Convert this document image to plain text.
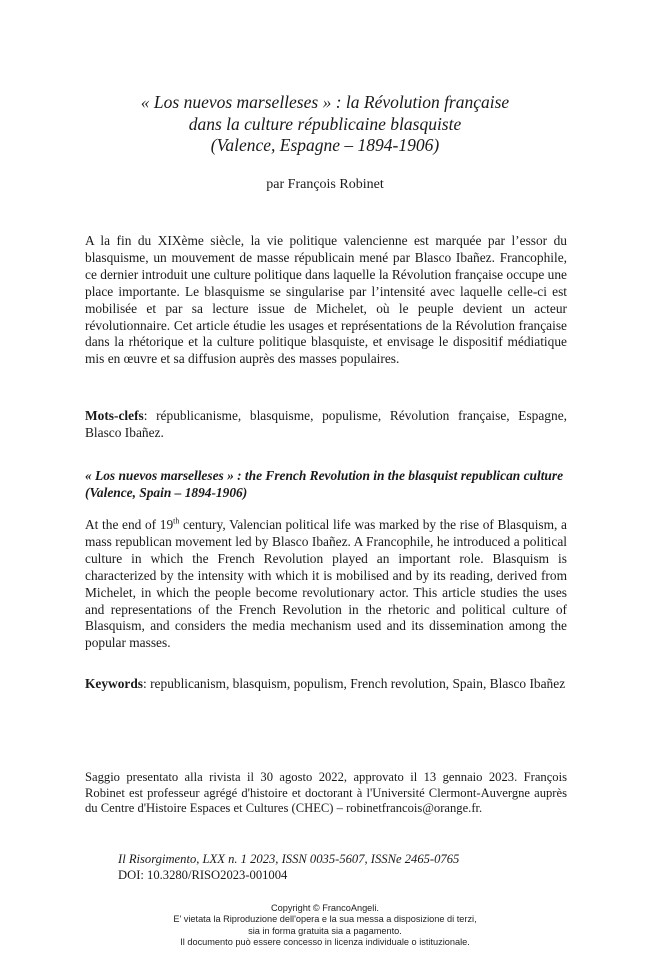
« Los nuevos marselleses » : la Révolution française
dans la culture républicaine blasquiste
(Valence, Espagne – 1894-1906)
par François Robinet

A la fin du XIXème siècle, la vie politique valencienne est marquée par l’essor du blasquisme, un mouvement de masse républicain mené par Blasco Ibañez. Francophile, ce dernier introduit une culture politique dans laquelle la Révolution française occupe une place importante. Le blasquisme se singularise par l’intensité avec laquelle celle-ci est mobilisée et par sa lecture issue de Michelet, où le peuple devient un acteur révolutionnaire. Cet article étudie les usages et représentations de la Révolution française dans la rhétorique et la culture politique blasquiste, et envisage le dispositif médiatique mis en œuvre et sa diffusion auprès des masses populaires.

Mots-clefs: républicanisme, blasquisme, populisme, Révolution française, Espagne, Blasco Ibañez.

« Los nuevos marselleses » : the French Revolution in the blasquist republican culture (Valence, Spain – 1894-1906)

At the end of 19th century, Valencian political life was marked by the rise of Blasquism, a mass republican movement led by Blasco Ibañez. A Francophile, he introduced a political culture in which the French Revolution played an important role. Blasquism is characterized by the intensity with which it is mobilised and by its reading, derived from Michelet, in which the people become revolutionary actor. This article studies the uses and representations of the French Revolution in the rhetoric and political culture of Blasquism, and considers the media mechanism used and its dissemination among the popular masses.

Keywords: republicanism, blasquism, populism, French revolution, Spain, Blasco Ibañez

Saggio presentato alla rivista il 30 agosto 2022, approvato il 13 gennaio 2023. François Robinet est professeur agrégé d'histoire et doctorant à l'Université Clermont-Auvergne auprès du Centre d'Histoire Espaces et Cultures (CHEC) – robinetfrancois@orange.fr.
Il Risorgimento, LXX n. 1 2023, ISSN 0035-5607, ISSNe 2465-0765
DOI: 10.3280/RISO2023-001004
Copyright © FrancoAngeli.
E' vietata la Riproduzione dell'opera e la sua messa a disposizione di terzi,
sia in forma gratuita sia a pagamento.
Il documento può essere concesso in licenza individuale o istituzionale.
